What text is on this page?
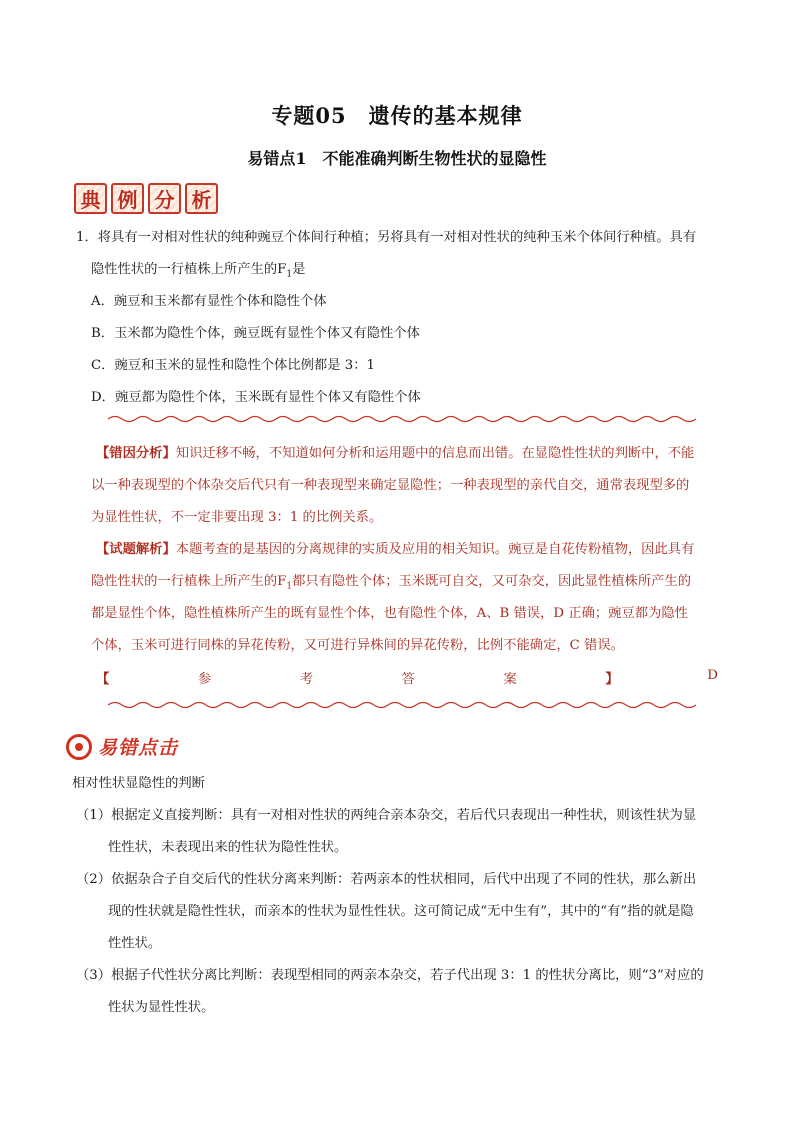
专题05　遗传的基本规律
易错点1　不能准确判断生物性状的显隐性
典 例 分 析
1．将具有一对相对性状的纯种豌豆个体间行种植；另将具有一对相对性状的纯种玉米个体间行种植。具有
隐性性状的一行植株上所产生的$F_1$是
A．豌豆和玉米都有显性个体和隐性个体
B．玉米都为隐性个体，豌豆既有显性个体又有隐性个体
C．豌豆和玉米的显性和隐性个体比例都是 3：1
D．豌豆都为隐性个体，玉米既有显性个体又有隐性个体
【错因分析】知识迁移不畅，不知道如何分析和运用题中的信息而出错。在显隐性性状的判断中，不能
以一种表现型的个体杂交后代只有一种表现型来确定显隐性；一种表现型的亲代自交，通常表现型多的
为显性性状，不一定非要出现 3：1 的比例关系。
【试题解析】本题考查的是基因的分离规律的实质及应用的相关知识。豌豆是自花传粉植物，因此具有
隐性性状的一行植株上所产生的$F_1$都只有隐性个体；玉米既可自交，又可杂交，因此显性植株所产生的
都是显性个体，隐性植株所产生的既有显性个体，也有隐性个体，A、B 错误，D 正确；豌豆都为隐性
个体，玉米可进行同株的异花传粉，又可进行异株间的异花传粉，比例不能确定，C 错误。
【	参	考	答	案	】	D
易错点击
相对性状显隐性的判断
（1）根据定义直接判断：具有一对相对性状的两纯合亲本杂交，若后代只表现出一种性状，则该性状为显
性性状，未表现出来的性状为隐性性状。
（2）依据杂合子自交后代的性状分离来判断：若两亲本的性状相同，后代中出现了不同的性状，那么新出
现的性状就是隐性性状，而亲本的性状为显性性状。这可简记成“无中生有”，其中的“有”指的就是隐
性性状。
（3）根据子代性状分离比判断：表现型相同的两亲本杂交，若子代出现 3：1 的性状分离比，则“3”对应的
性状为显性性状。
